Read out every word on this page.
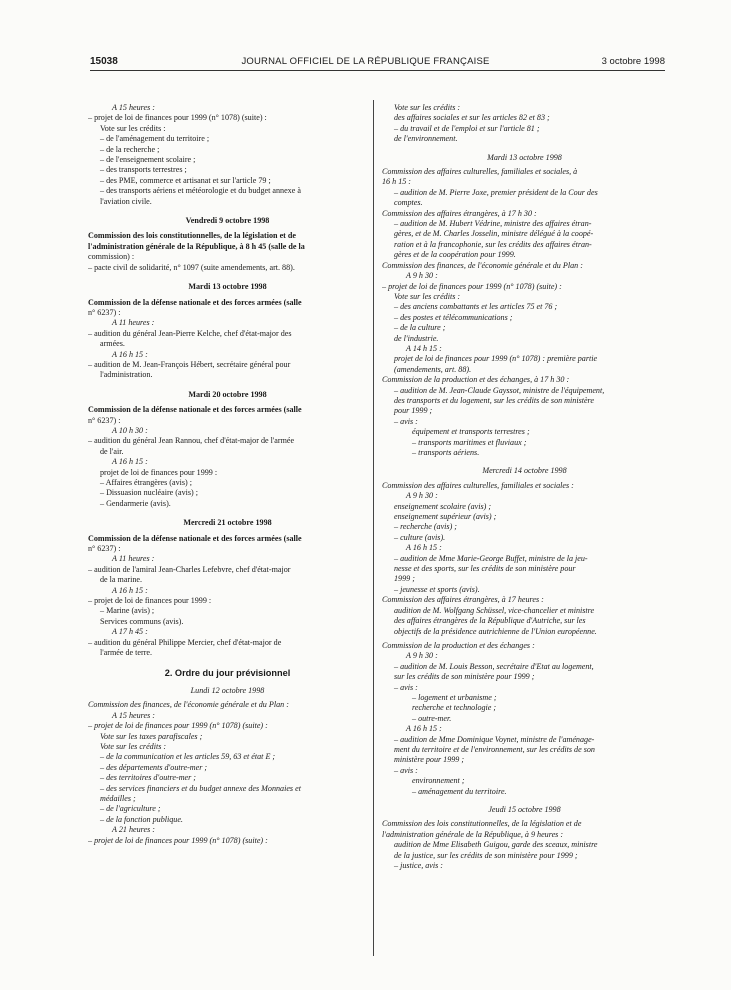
15038	JOURNAL OFFICIEL DE LA RÉPUBLIQUE FRANÇAISE	3 octobre 1998
A 15 heures :
– projet de loi de finances pour 1999 (n° 1078) (suite) :
Vote sur les crédits :
– de l'aménagement du territoire ;
– de la recherche ;
– de l'enseignement scolaire ;
– des transports terrestres ;
– des PME, commerce et artisanat et sur l'article 79 ;
– des transports aériens et météorologie et du budget annexe à
l'aviation civile.
Vendredi 9 octobre 1998
Commission des lois constitutionnelles, de la législation et de
l'administration générale de la République, à 8 h 45 (salle de la
commission) :
– pacte civil de solidarité, n° 1097 (suite amendements, art. 88).
Mardi 13 octobre 1998
Commission de la défense nationale et des forces armées (salle
n° 6237) :
A 11 heures :
– audition du général Jean-Pierre Kelche, chef d'état-major des
armées.
A 16 h 15 :
– audition de M. Jean-François Hébert, secrétaire général pour
l'administration.
Mardi 20 octobre 1998
Commission de la défense nationale et des forces armées (salle
n° 6237) :
A 10 h 30 :
– audition du général Jean Rannou, chef d'état-major de l'armée
de l'air.
A 16 h 15 :
projet de loi de finances pour 1999 :
– Affaires étrangères (avis) ;
– Dissuasion nucléaire (avis) ;
– Gendarmerie (avis).
Mercredi 21 octobre 1998
Commission de la défense nationale et des forces armées (salle
n° 6237) :
A 11 heures :
– audition de l'amiral Jean-Charles Lefebvre, chef d'état-major
de la marine.
A 16 h 15 :
– projet de loi de finances pour 1999 :
– Marine (avis) ;
Services communs (avis).
A 17 h 45 :
– audition du général Philippe Mercier, chef d'état-major de
l'armée de terre.
2. Ordre du jour prévisionnel
Lundi 12 octobre 1998
Commission des finances, de l'économie générale et du Plan :
A 15 heures :
– projet de loi de finances pour 1999 (n° 1078) (suite) :
Vote sur les taxes parafiscales ;
Vote sur les crédits :
– de la communication et les articles 59, 63 et état E ;
– des départements d'outre-mer ;
– des territoires d'outre-mer ;
– des services financiers et du budget annexe des Monnaies et
médailles ;
– de l'agriculture ;
– de la fonction publique.
A 21 heures :
– projet de loi de finances pour 1999 (n° 1078) (suite) :
Vote sur les crédits :
des affaires sociales et sur les articles 82 et 83 ;
– du travail et de l'emploi et sur l'article 81 ;
de l'environnement.
Mardi 13 octobre 1998
Commission des affaires culturelles, familiales et sociales, à
16 h 15 :
– audition de M. Pierre Joxe, premier président de la Cour des
comptes.
Commission des affaires étrangères, à 17 h 30 :
– audition de M. Hubert Védrine, ministre des affaires étran-
gères, et de M. Charles Josselin, ministre délégué à la coopé-
ration et à la francophonie, sur les crédits des affaires étran-
gères et de la coopération pour 1999.
Commission des finances, de l'économie générale et du Plan :
A 9 h 30 :
– projet de loi de finances pour 1999 (n° 1078) (suite) :
Vote sur les crédits :
– des anciens combattants et les articles 75 et 76 ;
– des postes et télécommunications ;
– de la culture ;
de l'industrie.
A 14 h 15 :
projet de loi de finances pour 1999 (n° 1078) : première partie
(amendements, art. 88).
Commission de la production et des échanges, à 17 h 30 :
– audition de M. Jean-Claude Gayssot, ministre de l'équipement,
des transports et du logement, sur les crédits de son ministère
pour 1999 ;
– avis :
équipement et transports terrestres ;
– transports maritimes et fluviaux ;
– transports aériens.
Mercredi 14 octobre 1998
Commission des affaires culturelles, familiales et sociales :
A 9 h 30 :
enseignement scolaire (avis) ;
enseignement supérieur (avis) ;
– recherche (avis) ;
– culture (avis).
A 16 h 15 :
– audition de Mme Marie-George Buffet, ministre de la jeu-
nesse et des sports, sur les crédits de son ministère pour
1999 ;
– jeunesse et sports (avis).
Commission des affaires étrangères, à 17 heures :
audition de M. Wolfgang Schüssel, vice-chancelier et ministre
des affaires étrangères de la République d'Autriche, sur les
objectifs de la présidence autrichienne de l'Union européenne.
Commission de la production et des échanges :
A 9 h 30 :
– audition de M. Louis Besson, secrétaire d'Etat au logement,
sur les crédits de son ministère pour 1999 ;
– avis :
– logement et urbanisme ;
recherche et technologie ;
– outre-mer.
A 16 h 15 :
– audition de Mme Dominique Voynet, ministre de l'aménage-
ment du territoire et de l'environnement, sur les crédits de son
ministère pour 1999 ;
– avis :
environnement ;
– aménagement du territoire.
Jeudi 15 octobre 1998
Commission des lois constitutionnelles, de la législation et de
l'administration générale de la République, à 9 heures :
audition de Mme Elisabeth Guigou, garde des sceaux, ministre
de la justice, sur les crédits de son ministère pour 1999 ;
– justice, avis :
